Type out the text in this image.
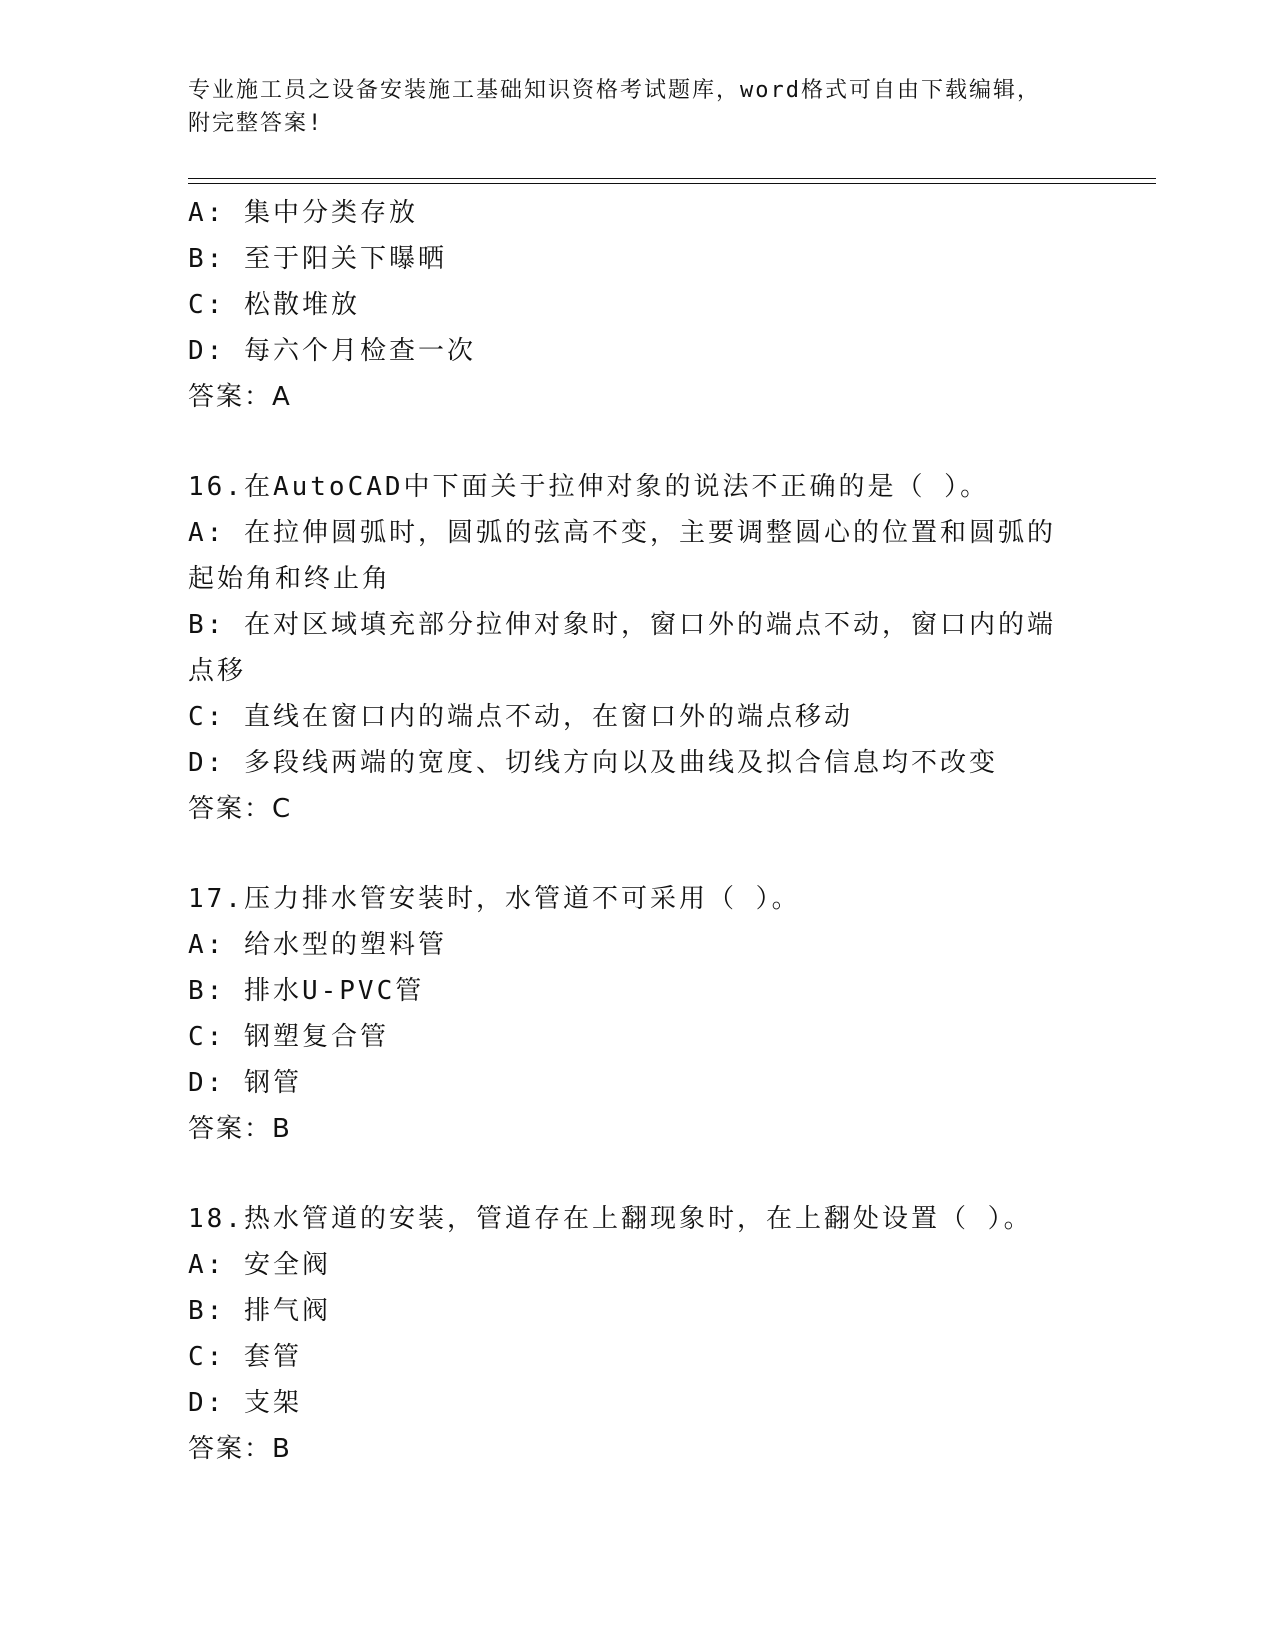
专业施工员之设备安装施工基础知识资格考试题库，word格式可自由下载编辑，
附完整答案!
A: 集中分类存放
B: 至于阳关下曝晒
C: 松散堆放
D: 每六个月检查一次
答案：A
16.在AutoCAD中下面关于拉伸对象的说法不正确的是（ ）。
A: 在拉伸圆弧时，圆弧的弦高不变，主要调整圆心的位置和圆弧的起始角和终止角
B: 在对区域填充部分拉伸对象时，窗口外的端点不动，窗口内的端点移
C: 直线在窗口内的端点不动，在窗口外的端点移动
D: 多段线两端的宽度、切线方向以及曲线及拟合信息均不改变
答案：C
17.压力排水管安装时，水管道不可采用（ ）。
A: 给水型的塑料管
B: 排水U-PVC管
C: 钢塑复合管
D: 钢管
答案：B
18.热水管道的安装，管道存在上翻现象时，在上翻处设置（ ）。
A: 安全阀
B: 排气阀
C: 套管
D: 支架
答案：B
